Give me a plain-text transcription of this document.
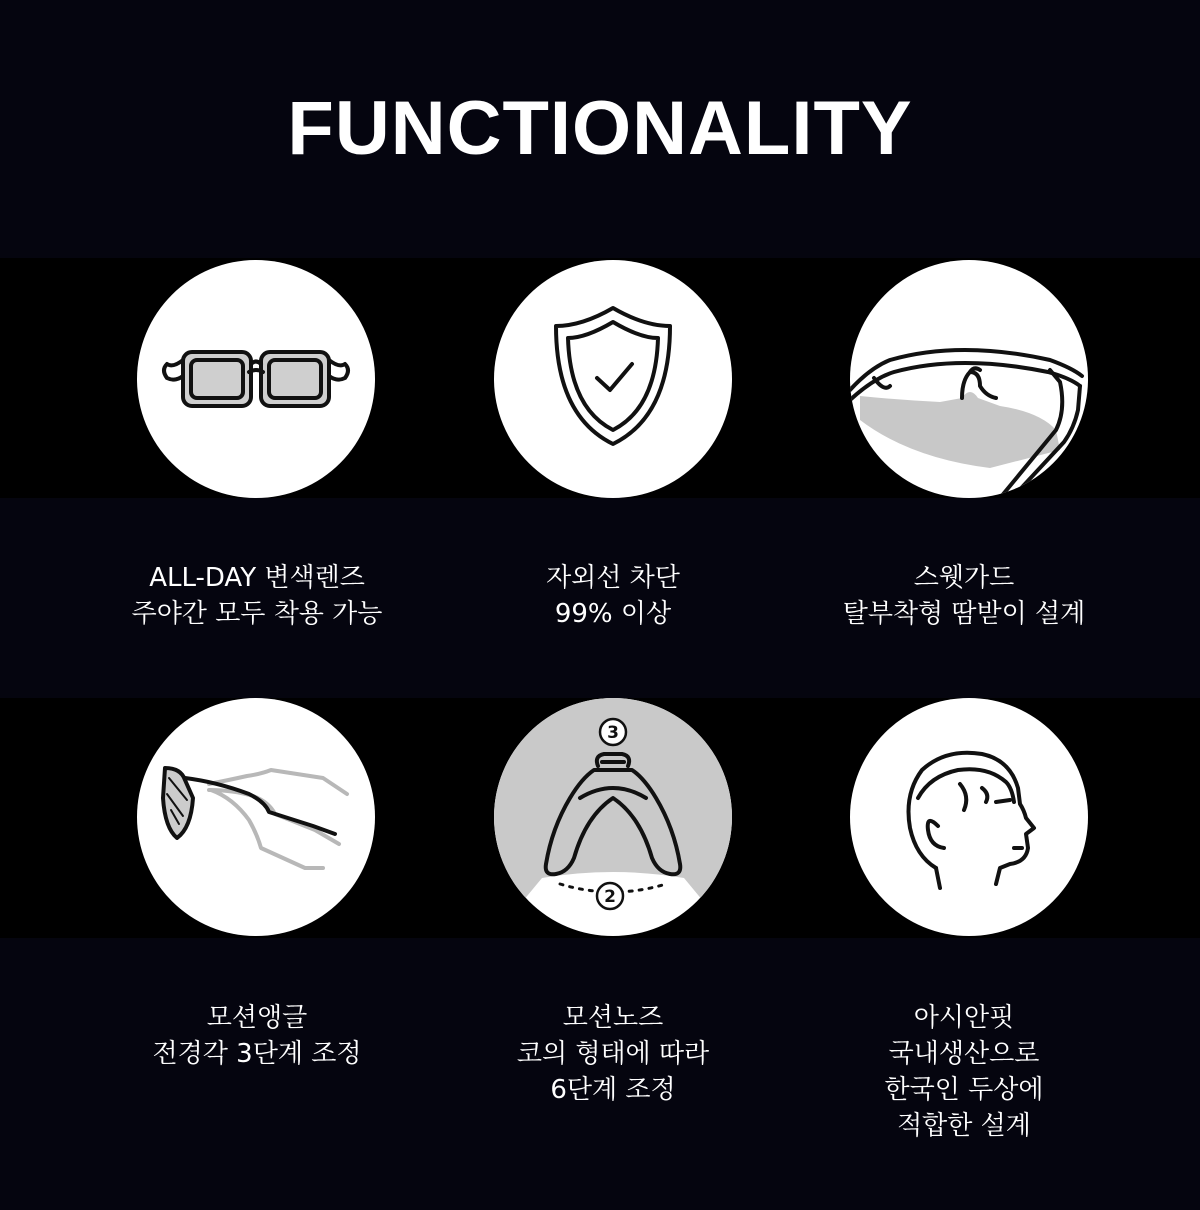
FUNCTIONALITY
ALL-DAY 변색렌즈
주야간 모두 착용 가능
자외선 차단
99% 이상
스웻가드
탈부착형 땀받이 설계
3
2
모션앵글
전경각 3단계 조정
모션노즈
코의 형태에 따라
6단계 조정
아시안핏
국내생산으로
한국인 두상에
적합한 설계
